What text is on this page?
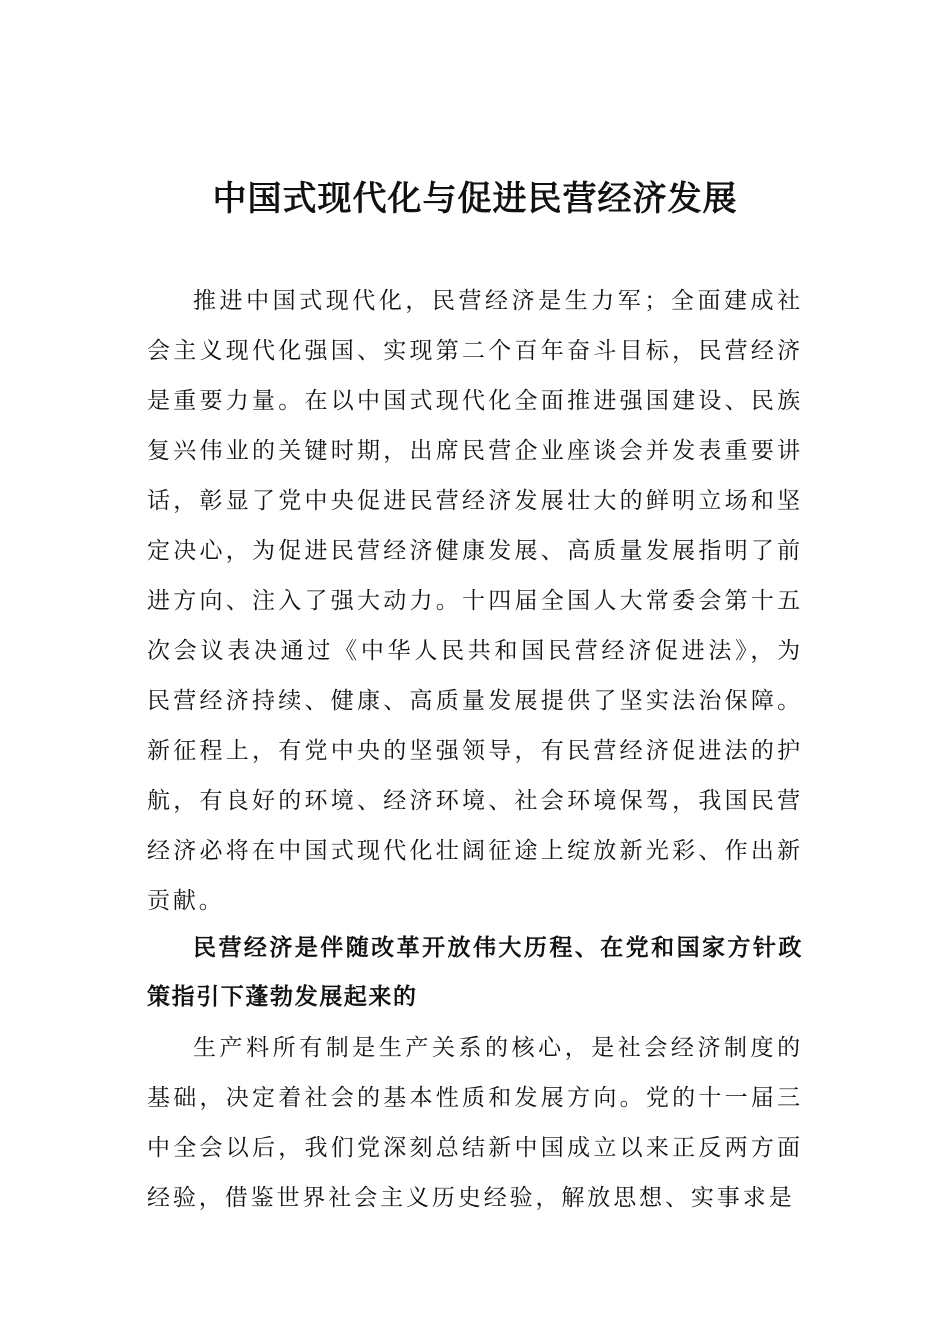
中国式现代化与促进民营经济发展

推进中国式现代化，民营经济是生力军；全面建成社会主义现代化强国、实现第二个百年奋斗目标，民营经济是重要力量。在以中国式现代化全面推进强国建设、民族复兴伟业的关键时期，出席民营企业座谈会并发表重要讲话，彰显了党中央促进民营经济发展壮大的鲜明立场和坚定决心，为促进民营经济健康发展、高质量发展指明了前进方向、注入了强大动力。十四届全国人大常委会第十五次会议表决通过《中华人民共和国民营经济促进法》，为民营经济持续、健康、高质量发展提供了坚实法治保障。新征程上，有党中央的坚强领导，有民营经济促进法的护航，有良好的环境、经济环境、社会环境保驾，我国民营经济必将在中国式现代化壮阔征途上绽放新光彩、作出新贡献。

民营经济是伴随改革开放伟大历程、在党和国家方针政策指引下蓬勃发展起来的

生产料所有制是生产关系的核心，是社会经济制度的基础，决定着社会的基本性质和发展方向。党的十一届三中全会以后，我们党深刻总结新中国成立以来正反两方面经验，借鉴世界社会主义历史经验，解放思想、实事求是
